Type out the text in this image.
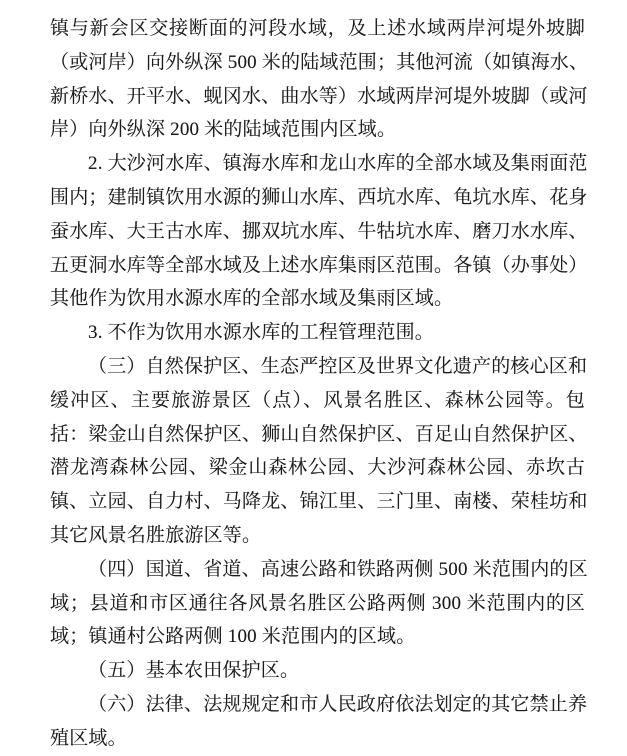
镇与新会区交接断面的河段水域，及上述水域两岸河堤外坡脚
（或河岸）向外纵深 500 米的陆域范围；其他河流（如镇海水、
新桥水、开平水、蚬冈水、曲水等）水域两岸河堤外坡脚（或河
岸）向外纵深 200 米的陆域范围内区域。
2. 大沙河水库、镇海水库和龙山水库的全部水域及集雨面范
围内；建制镇饮用水源的狮山水库、西坑水库、龟坑水库、花身
蚕水库、大王古水库、挪双坑水库、牛牯坑水库、磨刀水水库、
五更洞水库等全部水域及上述水库集雨区范围。各镇（办事处）
其他作为饮用水源水库的全部水域及集雨区域。
3. 不作为饮用水源水库的工程管理范围。
（三）自然保护区、生态严控区及世界文化遗产的核心区和
缓冲区、主要旅游景区（点）、风景名胜区、森林公园等。包
括：梁金山自然保护区、狮山自然保护区、百足山自然保护区、
潜龙湾森林公园、梁金山森林公园、大沙河森林公园、赤坎古
镇、立园、自力村、马降龙、锦江里、三门里、南楼、荣桂坊和
其它风景名胜旅游区等。
（四）国道、省道、高速公路和铁路两侧 500 米范围内的区
域；县道和市区通往各风景名胜区公路两侧 300 米范围内的区
域；镇通村公路两侧 100 米范围内的区域。
（五）基本农田保护区。
（六）法律、法规规定和市人民政府依法划定的其它禁止养
殖区域。
